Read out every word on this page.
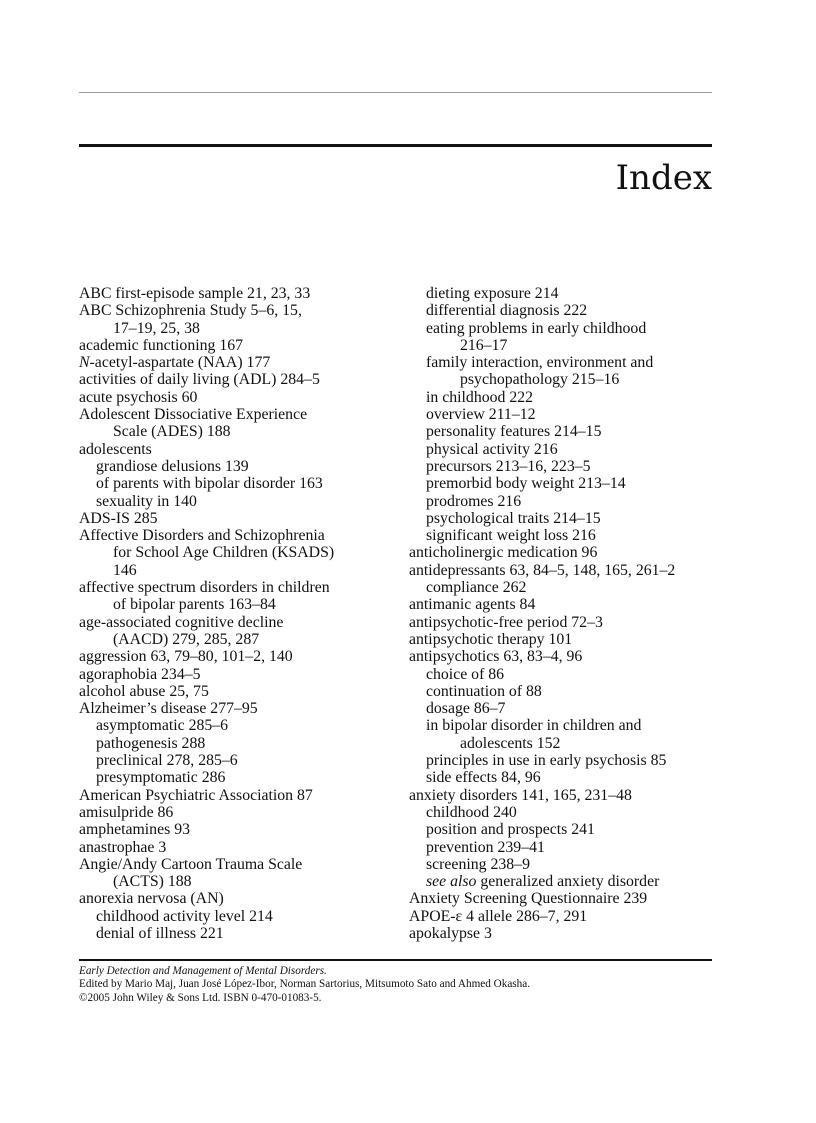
Index
ABC first-episode sample 21, 23, 33
ABC Schizophrenia Study 5–6, 15,
17–19, 25, 38
academic functioning 167
N-acetyl-aspartate (NAA) 177
activities of daily living (ADL) 284–5
acute psychosis 60
Adolescent Dissociative Experience
Scale (ADES) 188
adolescents
grandiose delusions 139
of parents with bipolar disorder 163
sexuality in 140
ADS-IS 285
Affective Disorders and Schizophrenia
for School Age Children (KSADS)
146
affective spectrum disorders in children
of bipolar parents 163–84
age-associated cognitive decline
(AACD) 279, 285, 287
aggression 63, 79–80, 101–2, 140
agoraphobia 234–5
alcohol abuse 25, 75
Alzheimer’s disease 277–95
asymptomatic 285–6
pathogenesis 288
preclinical 278, 285–6
presymptomatic 286
American Psychiatric Association 87
amisulpride 86
amphetamines 93
anastrophae 3
Angie/Andy Cartoon Trauma Scale
(ACTS) 188
anorexia nervosa (AN)
childhood activity level 214
denial of illness 221
dieting exposure 214
differential diagnosis 222
eating problems in early childhood
216–17
family interaction, environment and
psychopathology 215–16
in childhood 222
overview 211–12
personality features 214–15
physical activity 216
precursors 213–16, 223–5
premorbid body weight 213–14
prodromes 216
psychological traits 214–15
significant weight loss 216
anticholinergic medication 96
antidepressants 63, 84–5, 148, 165, 261–2
compliance 262
antimanic agents 84
antipsychotic-free period 72–3
antipsychotic therapy 101
antipsychotics 63, 83–4, 96
choice of 86
continuation of 88
dosage 86–7
in bipolar disorder in children and
adolescents 152
principles in use in early psychosis 85
side effects 84, 96
anxiety disorders 141, 165, 231–48
childhood 240
position and prospects 241
prevention 239–41
screening 238–9
see also generalized anxiety disorder
Anxiety Screening Questionnaire 239
APOE-ε 4 allele 286–7, 291
apokalypse 3
Early Detection and Management of Mental Disorders.
Edited by Mario Maj, Juan José López-Ibor, Norman Sartorius, Mitsumoto Sato and Ahmed Okasha.
©2005 John Wiley & Sons Ltd. ISBN 0-470-01083-5.
